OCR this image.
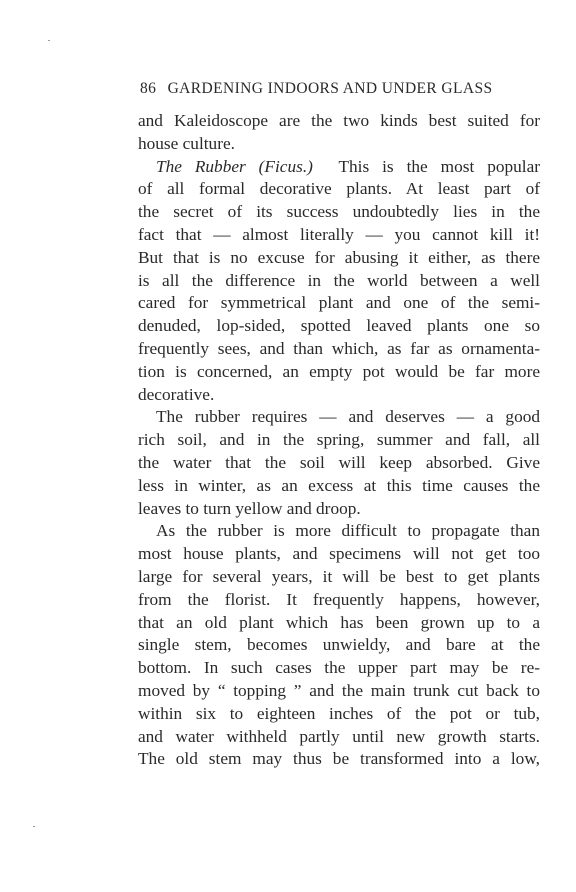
86 GARDENING INDOORS AND UNDER GLASS
and Kaleidoscope are the two kinds best suited for
house culture.
The Rubber (Ficus.)  This is the most popular
of all formal decorative plants. At least part of
the secret of its success undoubtedly lies in the
fact that — almost literally — you cannot kill it!
But that is no excuse for abusing it either, as there
is all the difference in the world between a well
cared for symmetrical plant and one of the semi-
denuded, lop-sided, spotted leaved plants one so
frequently sees, and than which, as far as ornamenta-
tion is concerned, an empty pot would be far more
decorative.
The rubber requires — and deserves — a good
rich soil, and in the spring, summer and fall, all
the water that the soil will keep absorbed. Give
less in winter, as an excess at this time causes the
leaves to turn yellow and droop.
As the rubber is more difficult to propagate than
most house plants, and specimens will not get too
large for several years, it will be best to get plants
from the florist. It frequently happens, however,
that an old plant which has been grown up to a
single stem, becomes unwieldy, and bare at the
bottom. In such cases the upper part may be re-
moved by “ topping ” and the main trunk cut back to
within six to eighteen inches of the pot or tub,
and water withheld partly until new growth starts.
The old stem may thus be transformed into a low,
